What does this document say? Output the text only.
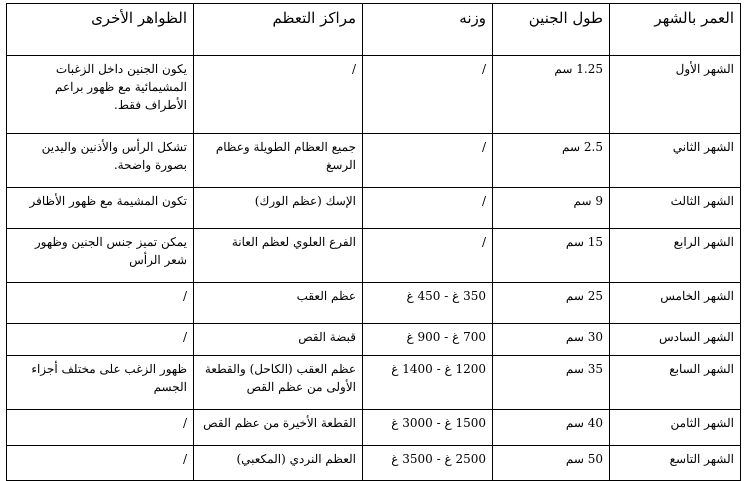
العمر بالشهر	طول الجنين	وزنه	مراكز التعظم	الظواهر الأخرى
الشهر الأول	1.25 سم	/	/	يكون الجنين داخل الزغبات المشيمائية مع ظهور براعم الأطراف فقط.
الشهر الثاني	2.5 سم	/	جميع العظام الطويلة وعظام الرسغ	تشكل الرأس والأذنين واليدين بصورة واضحة.
الشهر الثالث	9 سم	/	الإسك (عظم الورك)	تكون المشيمة مع ظهور الأظافر
الشهر الرابع	15 سم	/	الفرع العلوي لعظم العانة	يمكن تميز جنس الجنين وظهور شعر الرأس
الشهر الخامس	25 سم	350 غ - 450 غ	عظم العقب	/
الشهر السادس	30 سم	700 غ - 900 غ	قبضة القص	/
الشهر السابع	35 سم	1200 غ - 1400 غ	عظم العقب (الكاحل) والقطعة الأولى من عظم القص	ظهور الزغب على مختلف أجزاء الجسم
الشهر الثامن	40 سم	1500 غ - 3000 غ	القطعة الأخيرة من عظم القص	/
الشهر التاسع	50 سم	2500 غ - 3500 غ	العظم النردي (المكعبي)	/
